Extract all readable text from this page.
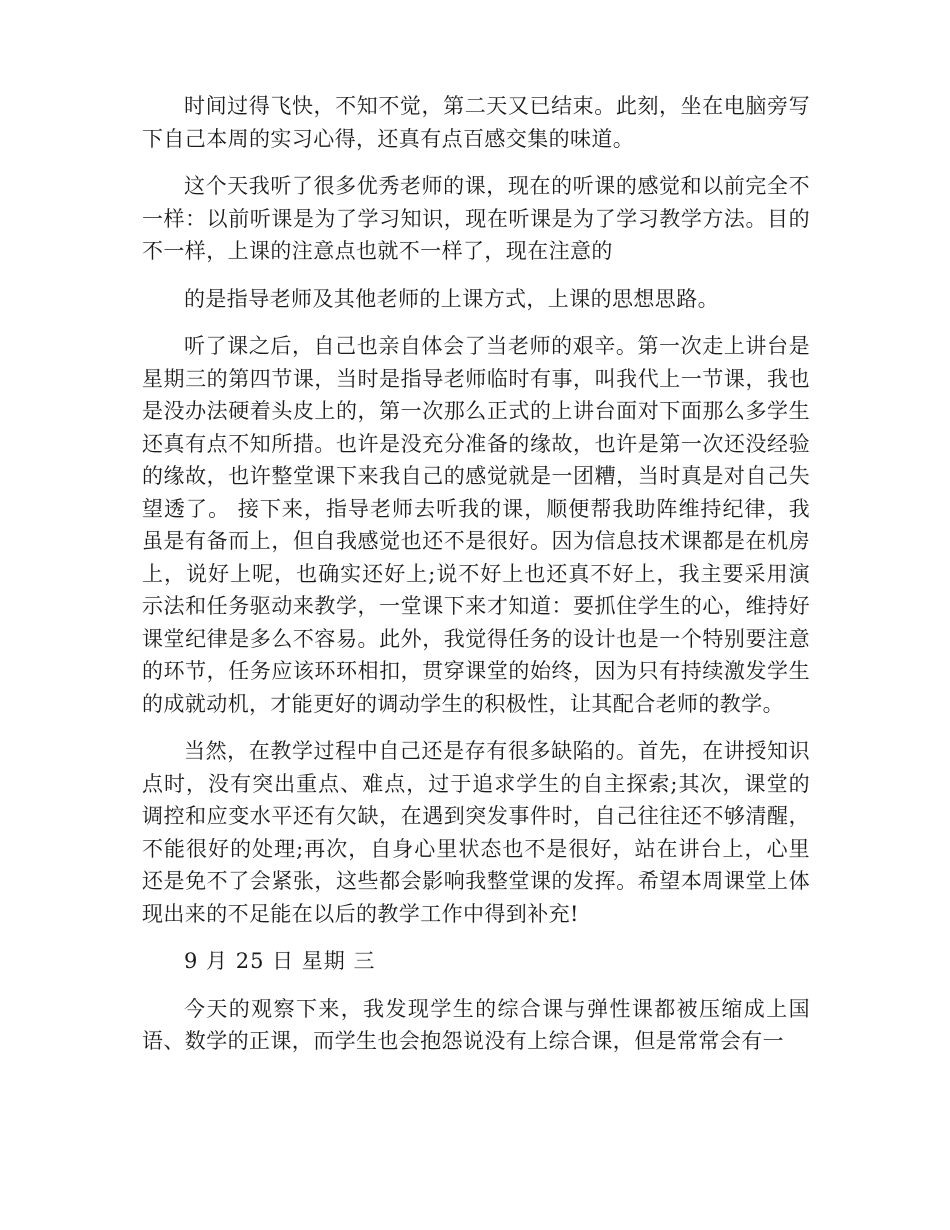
时间过得飞快，不知不觉，第二天又已结束。此刻，坐在电脑旁写下自己本周的实习心得，还真有点百感交集的味道。

这个天我听了很多优秀老师的课，现在的听课的感觉和以前完全不一样：以前听课是为了学习知识，现在听课是为了学习教学方法。目的不一样，上课的注意点也就不一样了，现在注意的

的是指导老师及其他老师的上课方式，上课的思想思路。

听了课之后，自己也亲自体会了当老师的艰辛。第一次走上讲台是星期三的第四节课，当时是指导老师临时有事，叫我代上一节课，我也是没办法硬着头皮上的，第一次那么正式的上讲台面对下面那么多学生还真有点不知所措。也许是没充分准备的缘故，也许是第一次还没经验的缘故，也许整堂课下来我自己的感觉就是一团糟，当时真是对自己失望透了。 接下来，指导老师去听我的课，顺便帮我助阵维持纪律，我虽是有备而上，但自我感觉也还不是很好。因为信息技术课都是在机房上，说好上呢，也确实还好上;说不好上也还真不好上，我主要采用演示法和任务驱动来教学，一堂课下来才知道：要抓住学生的心，维持好课堂纪律是多么不容易。此外，我觉得任务的设计也是一个特别要注意的环节，任务应该环环相扣，贯穿课堂的始终，因为只有持续激发学生的成就动机，才能更好的调动学生的积极性，让其配合老师的教学。

当然，在教学过程中自己还是存有很多缺陷的。首先，在讲授知识点时，没有突出重点、难点，过于追求学生的自主探索;其次，课堂的调控和应变水平还有欠缺，在遇到突发事件时，自己往往还不够清醒，不能很好的处理;再次，自身心里状态也不是很好，站在讲台上，心里还是免不了会紧张，这些都会影响我整堂课的发挥。希望本周课堂上体现出来的不足能在以后的教学工作中得到补充!

9 月 25 日 星期 三

今天的观察下来，我发现学生的综合课与弹性课都被压缩成上国语、数学的正课，而学生也会抱怨说没有上综合课，但是常常会有一
